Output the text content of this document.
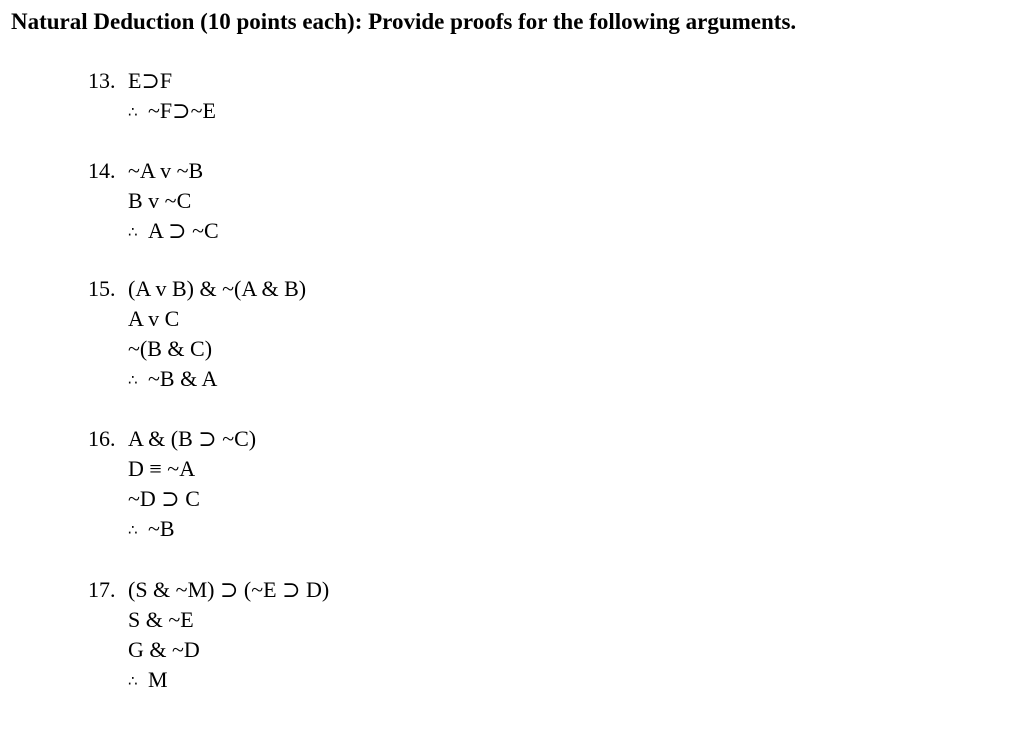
Natural Deduction (10 points each): Provide proofs for the following arguments.
13. E⊃F
∴ ~F⊃~E
14. ~A v ~B
B v ~C
∴ A ⊃ ~C
15. (A v B) & ~(A & B)
A v C
~(B & C)
∴ ~B & A
16. A & (B ⊃ ~C)
D ≡ ~A
~D ⊃ C
∴ ~B
17. (S & ~M) ⊃ (~E ⊃ D)
S & ~E
G & ~D
∴ M
